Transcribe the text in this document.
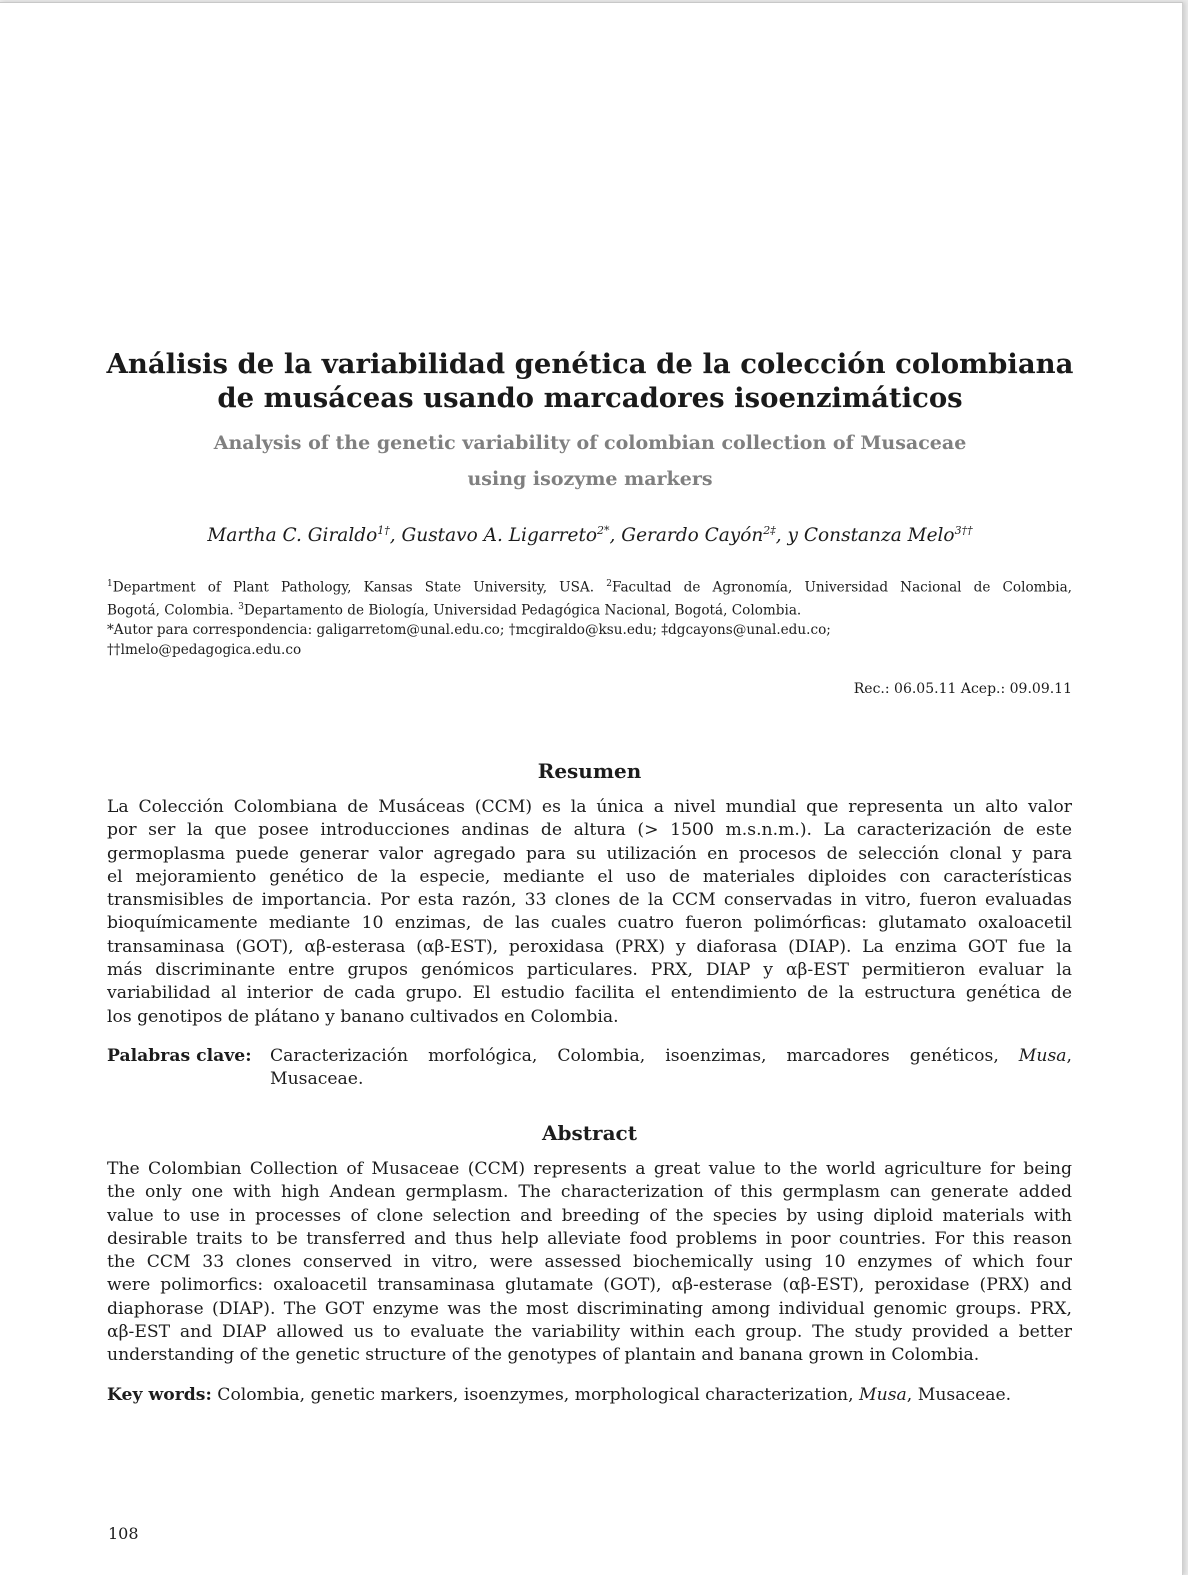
Análisis de la variabilidad genética de la colección colombiana
de musáceas usando marcadores isoenzimáticos
Analysis of the genetic variability of colombian collection of Musaceae
using isozyme markers
Martha C. Giraldo$^{1\dagger}$, Gustavo A. Ligarreto$^{2*}$, Gerardo Cayón$^{2\ddagger}$, y Constanza Melo$^{3\dagger\dagger}$
$^1$Department of Plant Pathology, Kansas State University, USA. $^2$Facultad de Agronomía, Universidad Nacional de Colombia,
Bogotá, Colombia. $^3$Departamento de Biología, Universidad Pedagógica Nacional, Bogotá, Colombia.
*Autor para correspondencia: galigarretom@unal.edu.co; †mcgiraldo@ksu.edu; ‡dgcayons@unal.edu.co;
††lmelo@pedagogica.edu.co
Rec.: 06.05.11 Acep.: 09.09.11
Resumen
La Colección Colombiana de Musáceas (CCM) es la única a nivel mundial que representa un alto valor
por ser la que posee introducciones andinas de altura (> 1500 m.s.n.m.). La caracterización de este
germoplasma puede generar valor agregado para su utilización en procesos de selección clonal y para
el mejoramiento genético de la especie, mediante el uso de materiales diploides con características
transmisibles de importancia. Por esta razón, 33 clones de la CCM conservadas in vitro, fueron evaluadas
bioquímicamente mediante 10 enzimas, de las cuales cuatro fueron polimórficas: glutamato oxaloacetil
transaminasa (GOT), αβ-esterasa (αβ-EST), peroxidasa (PRX) y diaforasa (DIAP). La enzima GOT fue la
más discriminante entre grupos genómicos particulares. PRX, DIAP y αβ-EST permitieron evaluar la
variabilidad al interior de cada grupo. El estudio facilita el entendimiento de la estructura genética de
los genotipos de plátano y banano cultivados en Colombia.
Palabras clave: Caracterización morfológica, Colombia, isoenzimas, marcadores genéticos, Musa,
Musaceae.
Abstract
The Colombian Collection of Musaceae (CCM) represents a great value to the world agriculture for being
the only one with high Andean germplasm. The characterization of this germplasm can generate added
value to use in processes of clone selection and breeding of the species by using diploid materials with
desirable traits to be transferred and thus help alleviate food problems in poor countries. For this reason
the CCM 33 clones conserved in vitro, were assessed biochemically using 10 enzymes of which four
were polimorfics: oxaloacetil transaminasa glutamate (GOT), αβ-esterase (αβ-EST), peroxidase (PRX) and
diaphorase (DIAP). The GOT enzyme was the most discriminating among individual genomic groups. PRX,
αβ-EST and DIAP allowed us to evaluate the variability within each group. The study provided a better
understanding of the genetic structure of the genotypes of plantain and banana grown in Colombia.
Key words: Colombia, genetic markers, isoenzymes, morphological characterization, Musa, Musaceae.
108
